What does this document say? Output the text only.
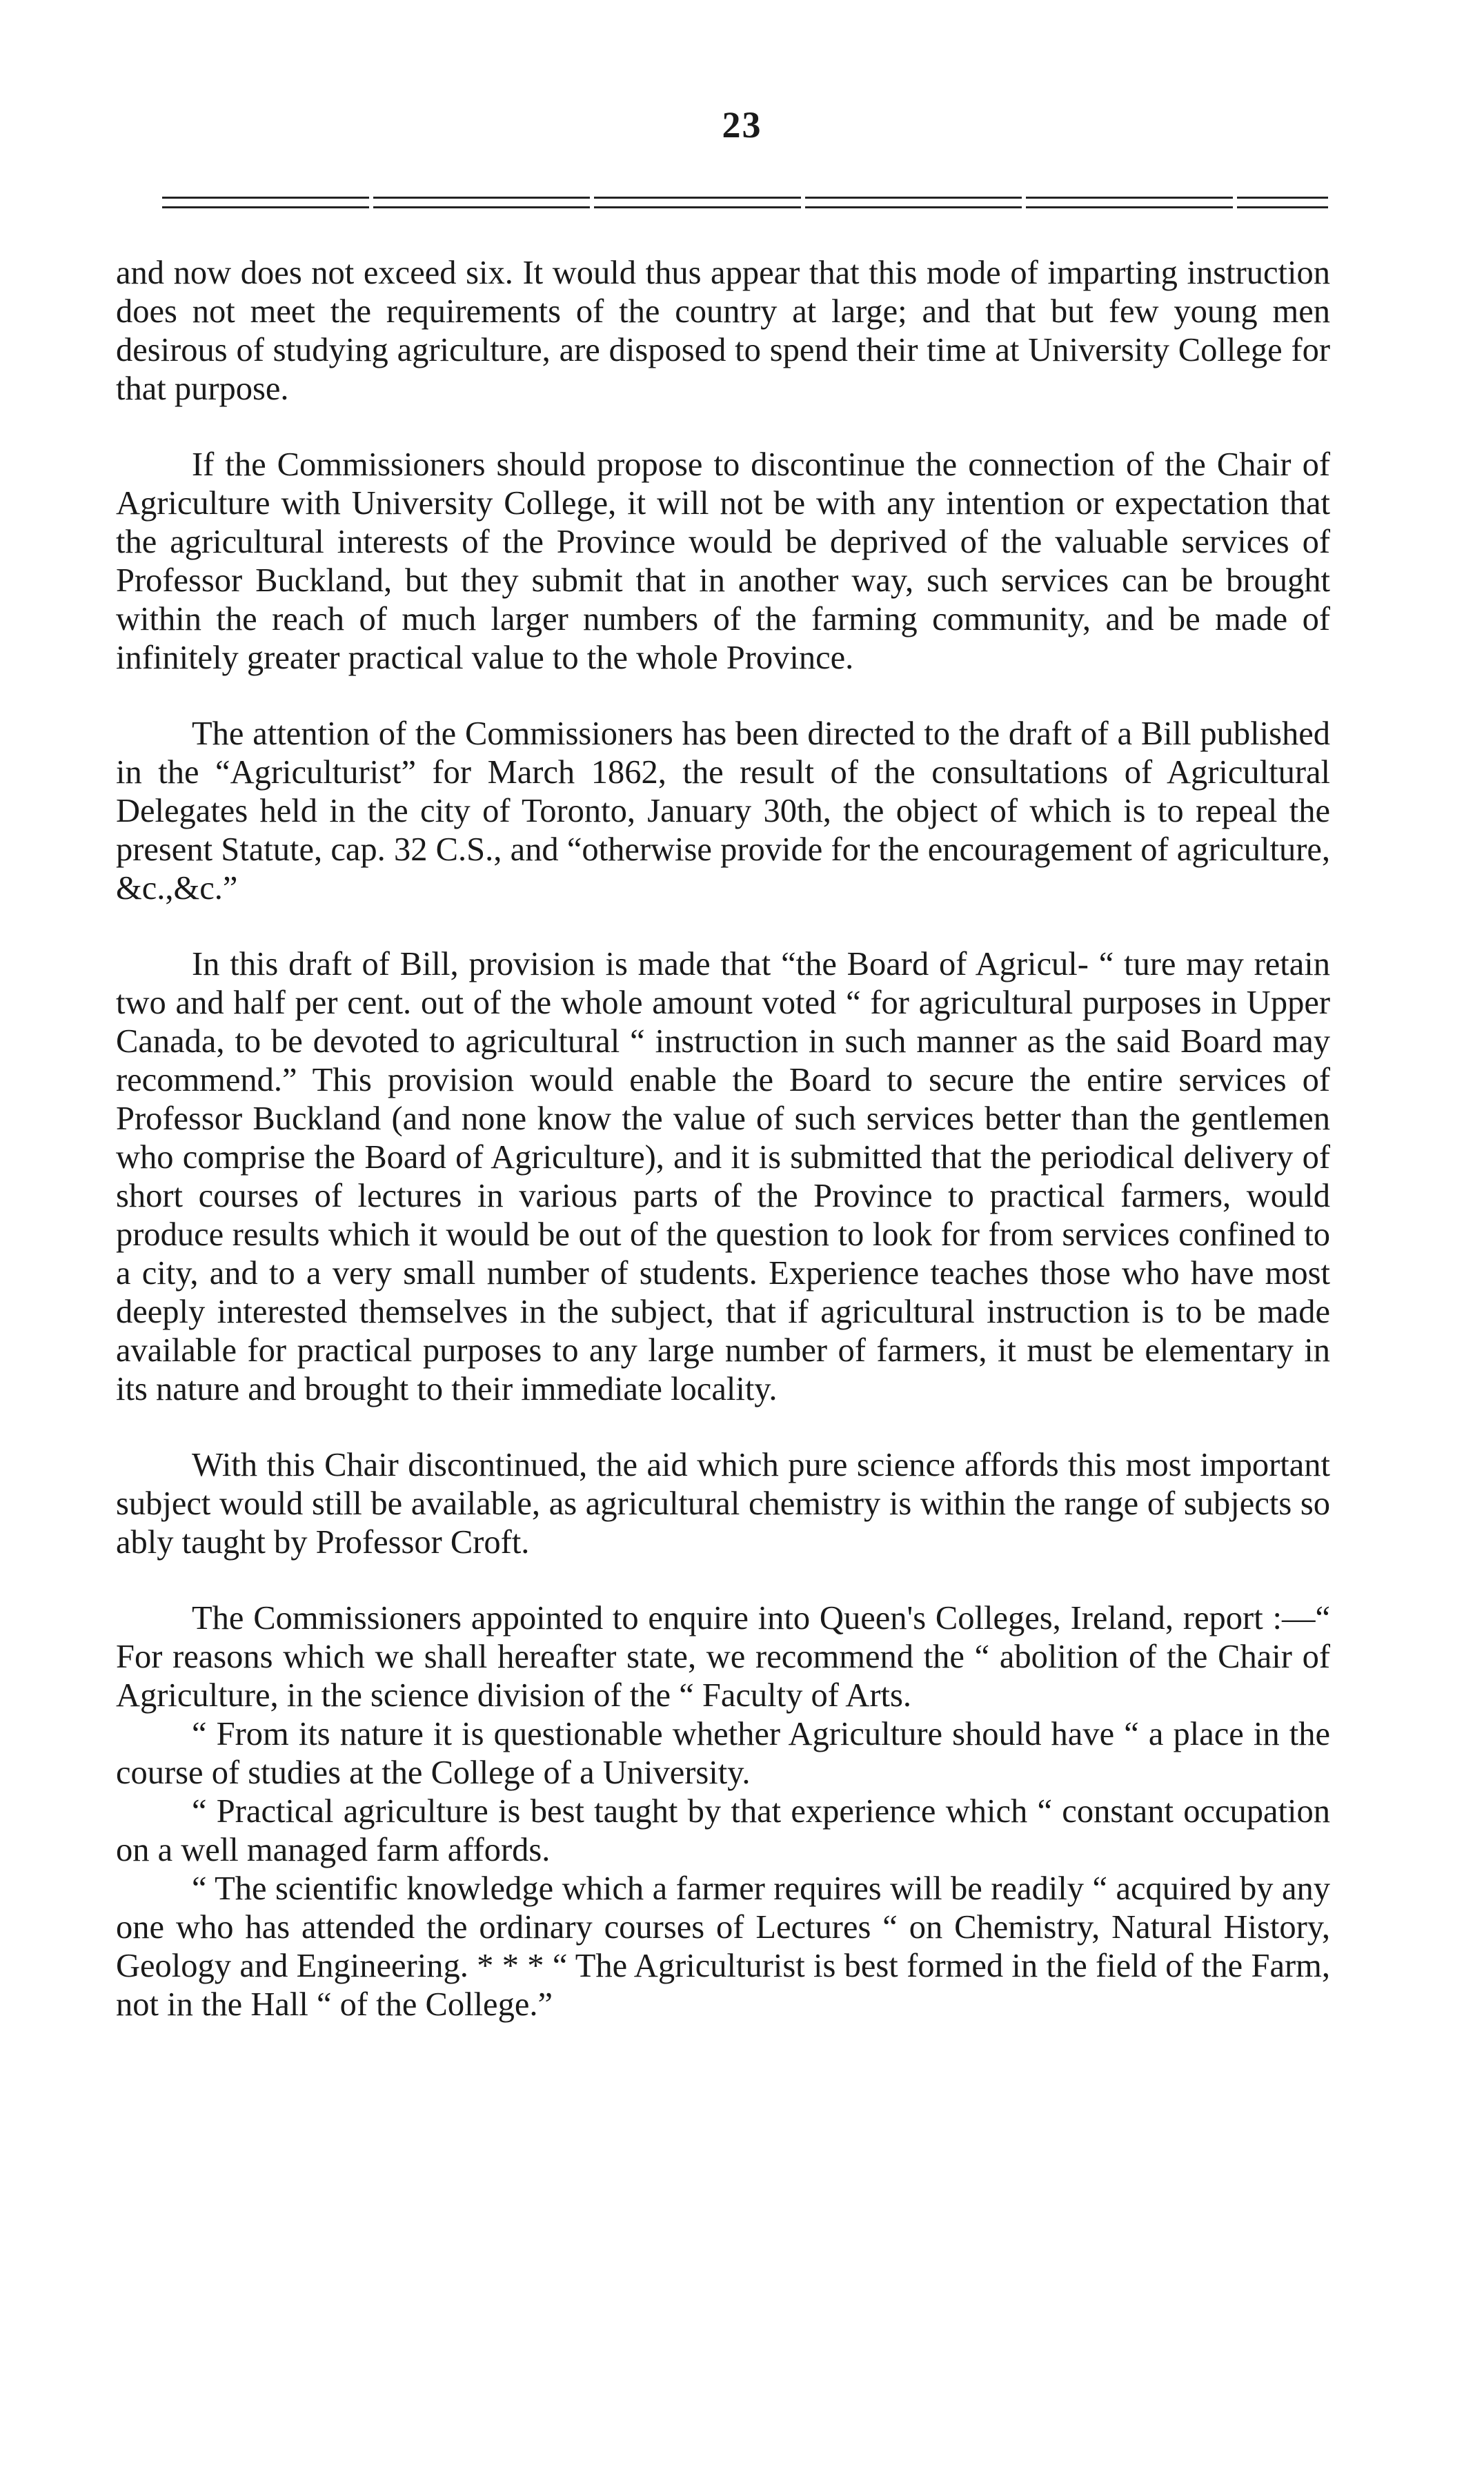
23

and now does not exceed six. It would thus appear that this mode of imparting instruction does not meet the requirements of the country at large; and that but few young men desirous of studying agriculture, are disposed to spend their time at University College for that purpose.

If the Commissioners should propose to discontinue the connection of the Chair of Agriculture with University College, it will not be with any intention or expectation that the agricultural interests of the Province would be deprived of the valuable services of Professor Buckland, but they submit that in another way, such services can be brought within the reach of much larger numbers of the farming community, and be made of infinitely greater practical value to the whole Province.

The attention of the Commissioners has been directed to the draft of a Bill published in the “Agriculturist” for March 1862, the result of the consultations of Agricultural Delegates held in the city of Toronto, January 30th, the object of which is to repeal the present Statute, cap. 32 C.S., and “otherwise provide for the encouragement of agriculture, &c.,&c.”

In this draft of Bill, provision is made that “the Board of Agricul- “ ture may retain two and half per cent. out of the whole amount voted “ for agricultural purposes in Upper Canada, to be devoted to agricultural “ instruction in such manner as the said Board may recommend.” This provision would enable the Board to secure the entire services of Professor Buckland (and none know the value of such services better than the gentlemen who comprise the Board of Agriculture), and it is submitted that the periodical delivery of short courses of lectures in various parts of the Province to practical farmers, would produce results which it would be out of the question to look for from services confined to a city, and to a very small number of students. Experience teaches those who have most deeply interested themselves in the subject, that if agricultural instruction is to be made available for practical purposes to any large number of farmers, it must be elementary in its nature and brought to their immediate locality.

With this Chair discontinued, the aid which pure science affords this most important subject would still be available, as agricultural chemistry is within the range of subjects so ably taught by Professor Croft.

The Commissioners appointed to enquire into Queen's Colleges, Ireland, report :—“ For reasons which we shall hereafter state, we recommend the “ abolition of the Chair of Agriculture, in the science division of the “ Faculty of Arts.

“ From its nature it is questionable whether Agriculture should have “ a place in the course of studies at the College of a University.

“ Practical agriculture is best taught by that experience which “ constant occupation on a well managed farm affords.

“ The scientific knowledge which a farmer requires will be readily “ acquired by any one who has attended the ordinary courses of Lectures “ on Chemistry, Natural History, Geology and Engineering. * * * “ The Agriculturist is best formed in the field of the Farm, not in the Hall “ of the College.”
